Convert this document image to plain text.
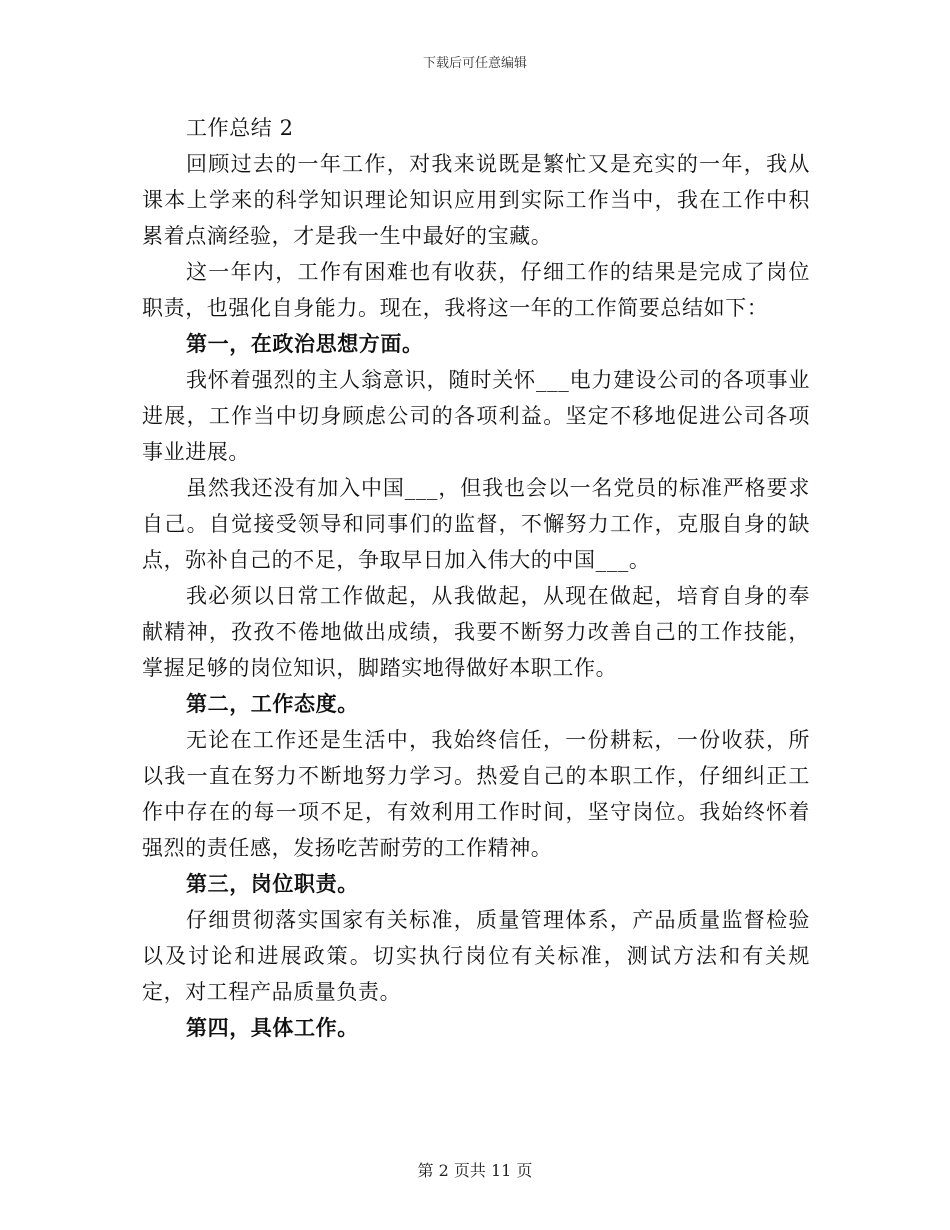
下载后可任意编辑

工作总结 2

回顾过去的一年工作，对我来说既是繁忙又是充实的一年，我从课本上学来的科学知识理论知识应用到实际工作当中，我在工作中积累着点滴经验，才是我一生中最好的宝藏。

这一年内，工作有困难也有收获，仔细工作的结果是完成了岗位职责，也强化自身能力。现在，我将这一年的工作简要总结如下：

第一，在政治思想方面。

我怀着强烈的主人翁意识，随时关怀___电力建设公司的各项事业进展，工作当中切身顾虑公司的各项利益。坚定不移地促进公司各项事业进展。

虽然我还没有加入中国___，但我也会以一名党员的标准严格要求自己。自觉接受领导和同事们的监督，不懈努力工作，克服自身的缺点，弥补自己的不足，争取早日加入伟大的中国___。

我必须以日常工作做起，从我做起，从现在做起，培育自身的奉献精神，孜孜不倦地做出成绩，我要不断努力改善自己的工作技能，掌握足够的岗位知识，脚踏实地得做好本职工作。

第二，工作态度。

无论在工作还是生活中，我始终信任，一份耕耘，一份收获，所以我一直在努力不断地努力学习。热爱自己的本职工作，仔细纠正工作中存在的每一项不足，有效利用工作时间，坚守岗位。我始终怀着强烈的责任感，发扬吃苦耐劳的工作精神。

第三，岗位职责。

仔细贯彻落实国家有关标准，质量管理体系，产品质量监督检验以及讨论和进展政策。切实执行岗位有关标准，测试方法和有关规定，对工程产品质量负责。

第四，具体工作。

第 2 页共 11 页
